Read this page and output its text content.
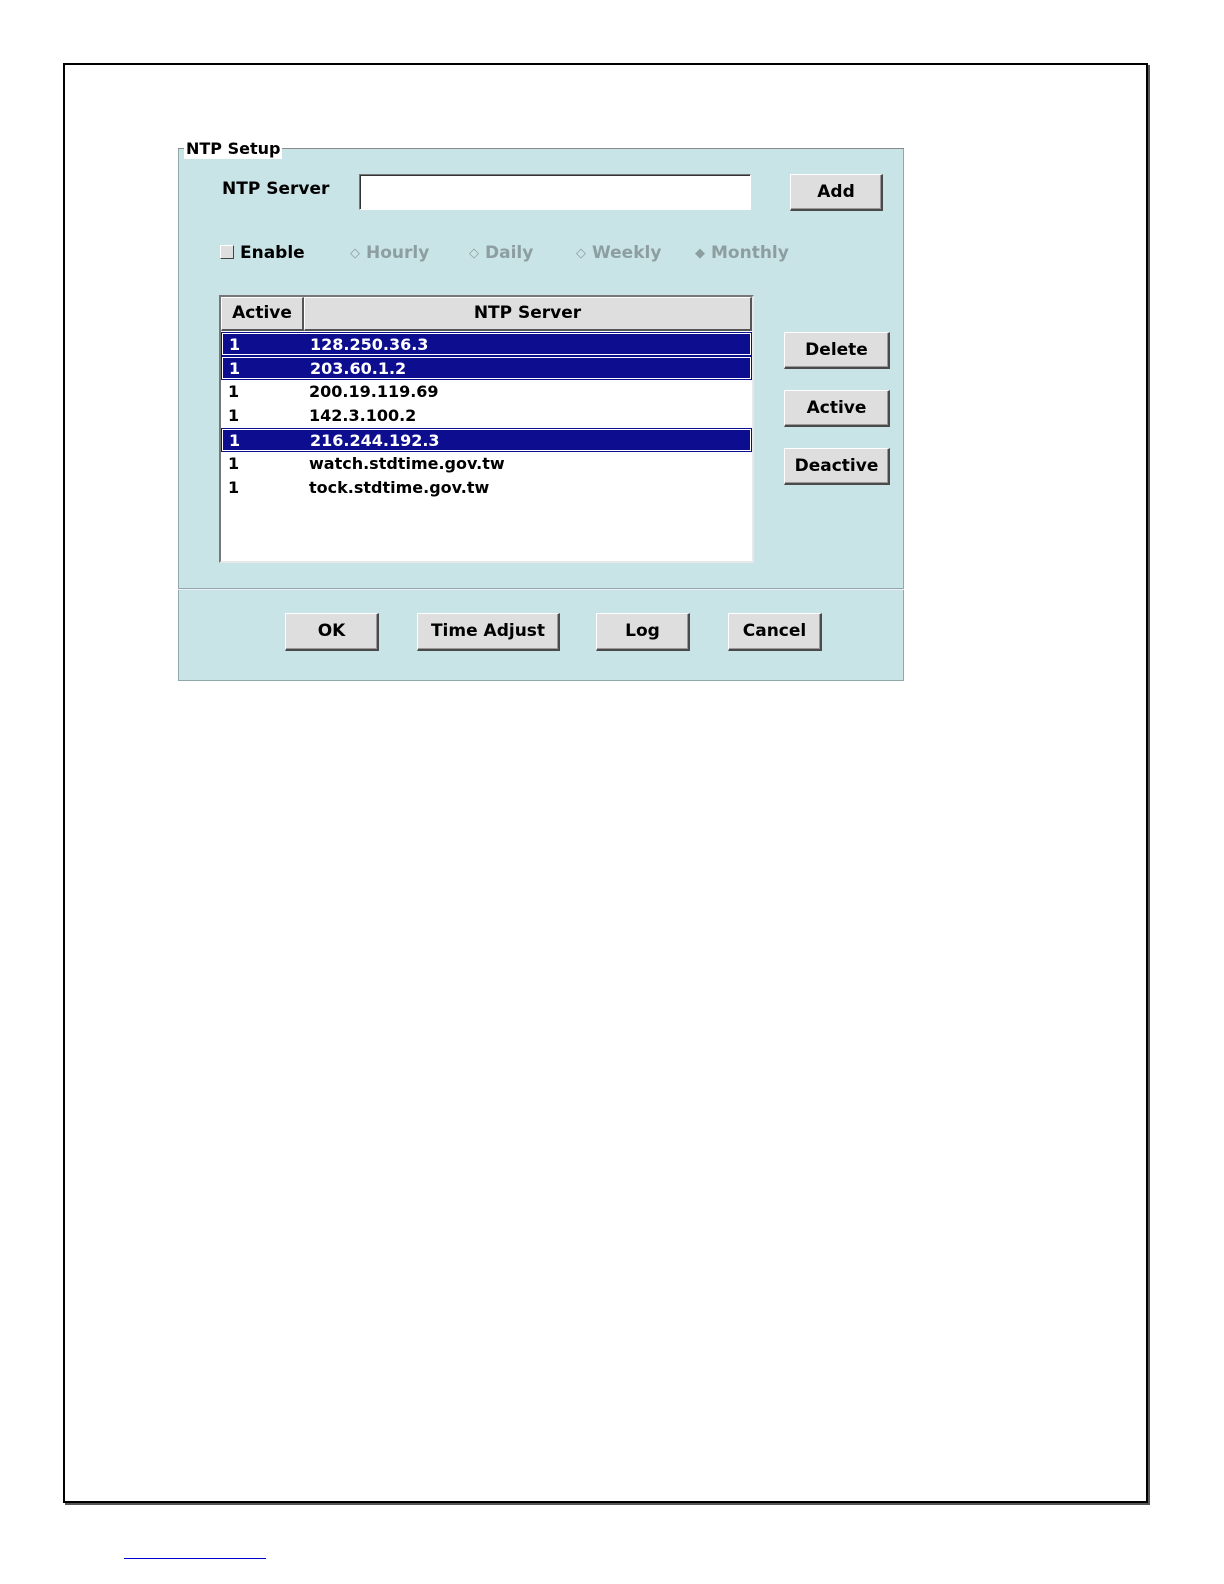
NTP Setup
NTP Server	Add
Enable	◇ Hourly	◇ Daily	◇ Weekly	◆ Monthly
Active	NTP Server
1	128.250.36.3
1	203.60.1.2
1	200.19.119.69
1	142.3.100.2
1	216.244.192.3
1	watch.stdtime.gov.tw
1	tock.stdtime.gov.tw
Delete
Active
Deactive
OK	Time Adjust	Log	Cancel
